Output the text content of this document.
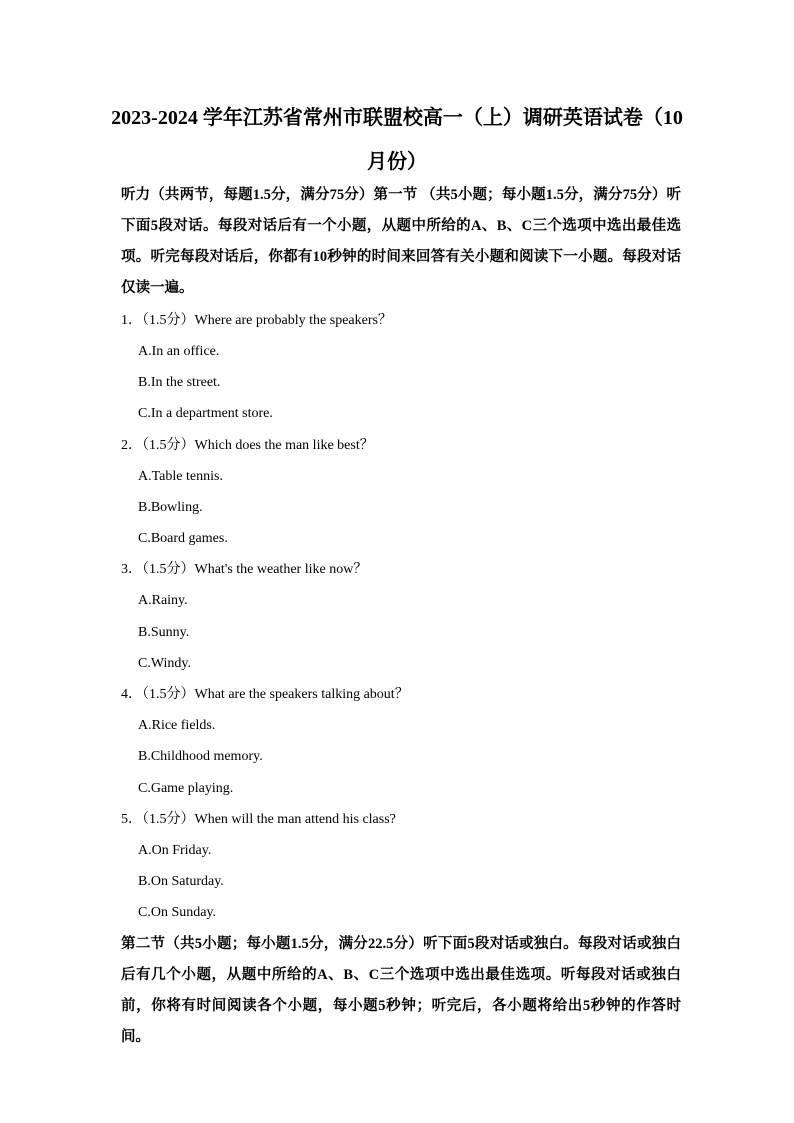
2023-2024 学年江苏省常州市联盟校高一（上）调研英语试卷（10
月份）
听力（共两节，每题1.5分，满分75分）第一节 （共5小题；每小题1.5分，满分75分）听下面5段对话。每段对话后有一个小题，从题中所给的A、B、C三个选项中选出最佳选项。听完每段对话后，你都有10秒钟的时间来回答有关小题和阅读下一小题。每段对话仅读一遍。
1．（1.5分）Where are probably the speakers？
A.In an office.
B.In the street.
C.In a department store.
2．（1.5分）Which does the man like best？
A.Table tennis.
B.Bowling.
C.Board games.
3．（1.5分）What's the weather like now？
A.Rainy.
B.Sunny.
C.Windy.
4．（1.5分）What are the speakers talking about？
A.Rice fields.
B.Childhood memory.
C.Game playing.
5．（1.5分）When will the man attend his class?
A.On Friday.
B.On Saturday.
C.On Sunday.
第二节（共5小题；每小题1.5分，满分22.5分）听下面5段对话或独白。每段对话或独白后有几个小题，从题中所给的A、B、C三个选项中选出最佳选项。听每段对话或独白前，你将有时间阅读各个小题，每小题5秒钟；听完后，各小题将给出5秒钟的作答时间。
